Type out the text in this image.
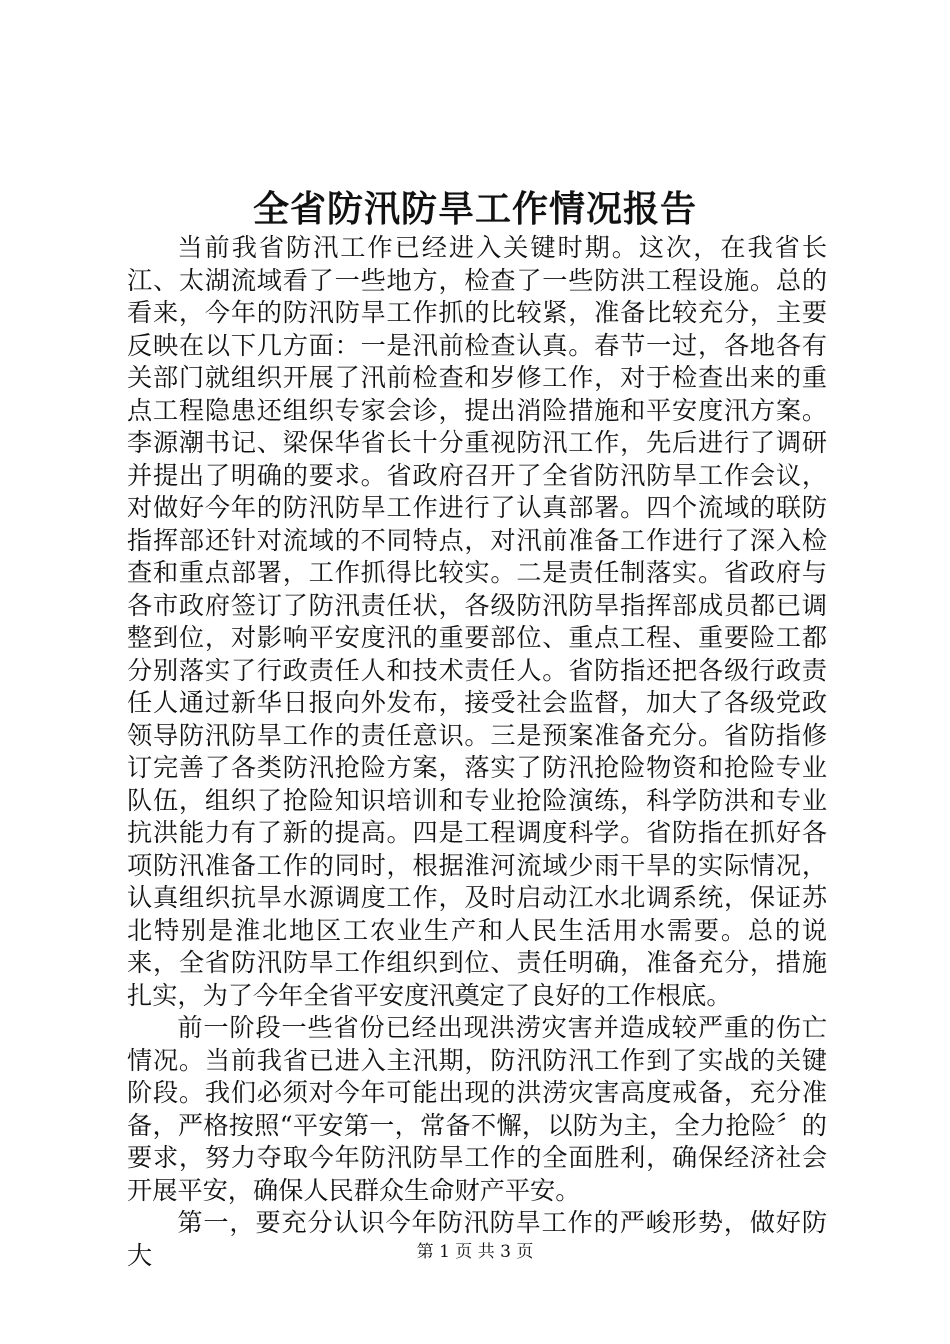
全省防汛防旱工作情况报告

当前我省防汛工作已经进入关键时期。这次，在我省长江、太湖流域看了一些地方，检查了一些防洪工程设施。总的看来，今年的防汛防旱工作抓的比较紧，准备比较充分，主要反映在以下几方面：一是汛前检查认真。春节一过，各地各有关部门就组织开展了汛前检查和岁修工作，对于检查出来的重点工程隐患还组织专家会诊，提出消险措施和平安度汛方案。李源潮书记、梁保华省长十分重视防汛工作，先后进行了调研并提出了明确的要求。省政府召开了全省防汛防旱工作会议，对做好今年的防汛防旱工作进行了认真部署。四个流域的联防指挥部还针对流域的不同特点，对汛前准备工作进行了深入检查和重点部署，工作抓得比较实。二是责任制落实。省政府与各市政府签订了防汛责任状，各级防汛防旱指挥部成员都已调整到位，对影响平安度汛的重要部位、重点工程、重要险工都分别落实了行政责任人和技术责任人。省防指还把各级行政责任人通过新华日报向外发布，接受社会监督，加大了各级党政领导防汛防旱工作的责任意识。三是预案准备充分。省防指修订完善了各类防汛抢险方案，落实了防汛抢险物资和抢险专业队伍，组织了抢险知识培训和专业抢险演练，科学防洪和专业抗洪能力有了新的提高。四是工程调度科学。省防指在抓好各项防汛准备工作的同时，根据淮河流域少雨干旱的实际情况，认真组织抗旱水源调度工作，及时启动江水北调系统，保证苏北特别是淮北地区工农业生产和人民生活用水需要。总的说来，全省防汛防旱工作组织到位、责任明确，准备充分，措施扎实，为了今年全省平安度汛奠定了良好的工作根底。

前一阶段一些省份已经出现洪涝灾害并造成较严重的伤亡情况。当前我省已进入主汛期，防汛防汛工作到了实战的关键阶段。我们必须对今年可能出现的洪涝灾害高度戒备，充分准备，严格按照“平安第一，常备不懈，以防为主，全力抢险〞的要求，努力夺取今年防汛防旱工作的全面胜利，确保经济社会开展平安，确保人民群众生命财产平安。

第一，要充分认识今年防汛防旱工作的严峻形势，做好防大	第 1 页 共 3 页
